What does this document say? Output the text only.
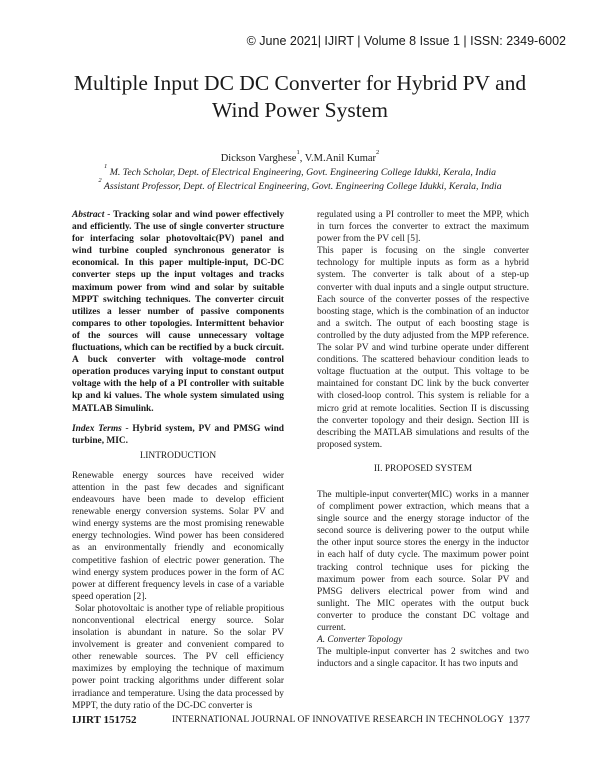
© June 2021| IJIRT | Volume 8 Issue 1 | ISSN: 2349-6002
Multiple Input DC DC Converter for Hybrid PV and
Wind Power System
Dickson Varghese$^1$, V.M.Anil Kumar$^2$
$^1$ M. Tech Scholar, Dept. of Electrical Engineering, Govt. Engineering College Idukki, Kerala, India
$^2$ Assistant Professor, Dept. of Electrical Engineering, Govt. Engineering College Idukki, Kerala, India

Abstract - Tracking solar and wind power effectively and efficiently. The use of single converter structure for interfacing solar photovoltaic(PV) panel and wind turbine coupled synchronous generator is economical. In this paper multiple-input, DC-DC converter steps up the input voltages and tracks maximum power from wind and solar by suitable MPPT switching techniques. The converter circuit utilizes a lesser number of passive components compares to other topologies. Intermittent behavior of the sources will cause unnecessary voltage fluctuations, which can be rectified by a buck circuit. A buck converter with voltage-mode control operation produces varying input to constant output voltage with the help of a PI controller with suitable kp and ki values. The whole system simulated using MATLAB Simulink.

Index Terms - Hybrid system, PV and PMSG wind turbine, MIC.

I.INTRODUCTION

Renewable energy sources have received wider attention in the past few decades and significant endeavours have been made to develop efficient renewable energy conversion systems. Solar PV and wind energy systems are the most promising renewable energy technologies. Wind power has been considered as an environmentally friendly and economically competitive fashion of electric power generation. The wind energy system produces power in the form of AC power at different frequency levels in case of a variable speed operation [2].

Solar photovoltaic is another type of reliable propitious nonconventional electrical energy source. Solar insolation is abundant in nature. So the solar PV involvement is greater and convenient compared to other renewable sources. The PV cell efficiency maximizes by employing the technique of maximum power point tracking algorithms under different solar irradiance and temperature. Using the data processed by MPPT, the duty ratio of the DC-DC converter is

regulated using a PI controller to meet the MPP, which in turn forces the converter to extract the maximum power from the PV cell [5].

This paper is focusing on the single converter technology for multiple inputs as form as a hybrid system. The converter is talk about of a step-up converter with dual inputs and a single output structure. Each source of the converter posses of the respective boosting stage, which is the combination of an inductor and a switch. The output of each boosting stage is controlled by the duty adjusted from the MPP reference. The solar PV and wind turbine operate under different conditions. The scattered behaviour condition leads to voltage fluctuation at the output. This voltage to be maintained for constant DC link by the buck converter with closed-loop control. This system is reliable for a micro grid at remote localities. Section II is discussing the converter topology and their design. Section III is describing the MATLAB simulations and results of the proposed system.

II. PROPOSED SYSTEM

The multiple-input converter(MIC) works in a manner of compliment power extraction, which means that a single source and the energy storage inductor of the second source is delivering power to the output while the other input source stores the energy in the inductor in each half of duty cycle. The maximum power point tracking control technique uses for picking the maximum power from each source. Solar PV and PMSG delivers electrical power from wind and sunlight. The MIC operates with the output buck converter to produce the constant DC voltage and current.

A. Converter Topology

The multiple-input converter has 2 switches and two inductors and a single capacitor. It has two inputs and

IJIRT 151752	INTERNATIONAL JOURNAL OF INNOVATIVE RESEARCH IN TECHNOLOGY 1377
